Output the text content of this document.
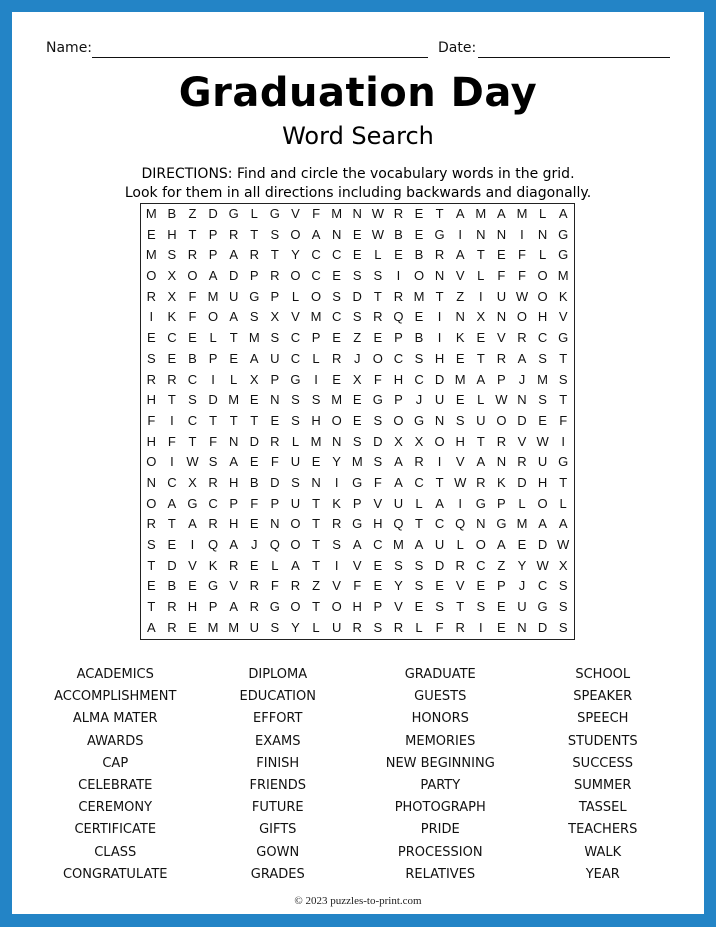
Name:	Date:
Graduation Day
Word Search
DIRECTIONS: Find and circle the vocabulary words in the grid.
Look for them in all directions including backwards and diagonally.
M B Z D G L G V F M N W R E T A M A M L A
E H T P R T S O A N E W B E G	I	N N	I	N G
M S R P A R T Y C C E L E B R A T E F	L G
O X O A D P R O C E S S	I	O N V L	F F O M
R X F M U G P L O S D T R M T Z	I	U W O K
I	K F O A S X V M C S R Q E	I	N X N O H V
E C E L	T M S C P E Z E P B	I	K E V R C G
S E B P E A U C L R J O C S H E T R A S T
R R C	I	L X P G	I	E X F H C D M A P	J M S
H T S D M E N S S M E G P	J U E L W N S T
F	I	C T T T E S H O E S O G N S U O D E F
H F T F N D R L M N S D X X O H T R V W I
O	I W S A E F U E Y M S A R	I	V A N R U G
N C X R H B D S N	I	G F A C T W R K D H T
O A G C P F P U T K P V U L A	I	G P L O L
R T A R H E N O T R G H Q T C Q N G M A A
S E	I	Q A	J Q O T S A C M A U L O A E D W
T D V K R E L A T	I	V E S S D R C Z Y W X
E B E G V R F R Z V F E Y S E V E P	J C S
T R H P A R G O T O H P V E S T S E U G S
A R E M M U S Y L U R S R L	F R	I	E N D S
ACADEMICS
ACCOMPLISHMENT
ALMA MATER
AWARDS
CAP
CELEBRATE
CEREMONY
CERTIFICATE
CLASS
CONGRATULATE
DIPLOMA
EDUCATION
EFFORT
EXAMS
FINISH
FRIENDS
FUTURE
GIFTS
GOWN
GRADES
GRADUATE
GUESTS
HONORS
MEMORIES
NEW BEGINNING
PARTY
PHOTOGRAPH
PRIDE
PROCESSION
RELATIVES
SCHOOL
SPEAKER
SPEECH
STUDENTS
SUCCESS
SUMMER
TASSEL
TEACHERS
WALK
YEAR
© 2023 puzzles-to-print.com
